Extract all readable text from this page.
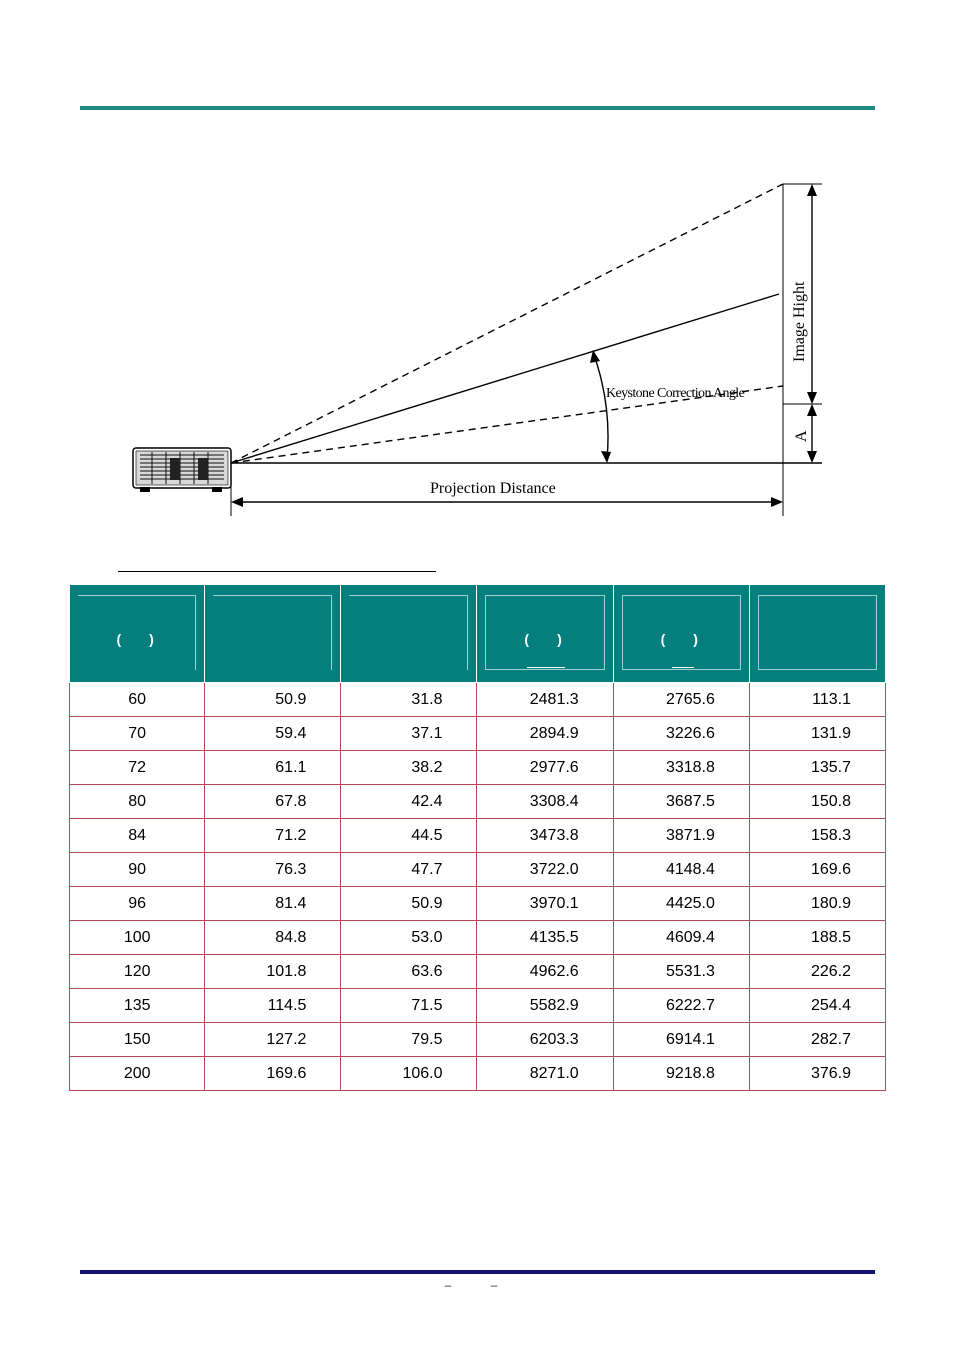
Image Hight
Keystone Correction Angle
A
Projection Distance
()			()	()	

60	50.9	31.8	2481.3	2765.6	113.1
70	59.4	37.1	2894.9	3226.6	131.9
72	61.1	38.2	2977.6	3318.8	135.7
80	67.8	42.4	3308.4	3687.5	150.8
84	71.2	44.5	3473.8	3871.9	158.3
90	76.3	47.7	3722.0	4148.4	169.6
96	81.4	50.9	3970.1	4425.0	180.9
100	84.8	53.0	4135.5	4609.4	188.5
120	101.8	63.6	4962.6	5531.3	226.2
135	114.5	71.5	5582.9	6222.7	254.4
150	127.2	79.5	6203.3	6914.1	282.7
200	169.6	106.0	8271.0	9218.8	376.9
– –
